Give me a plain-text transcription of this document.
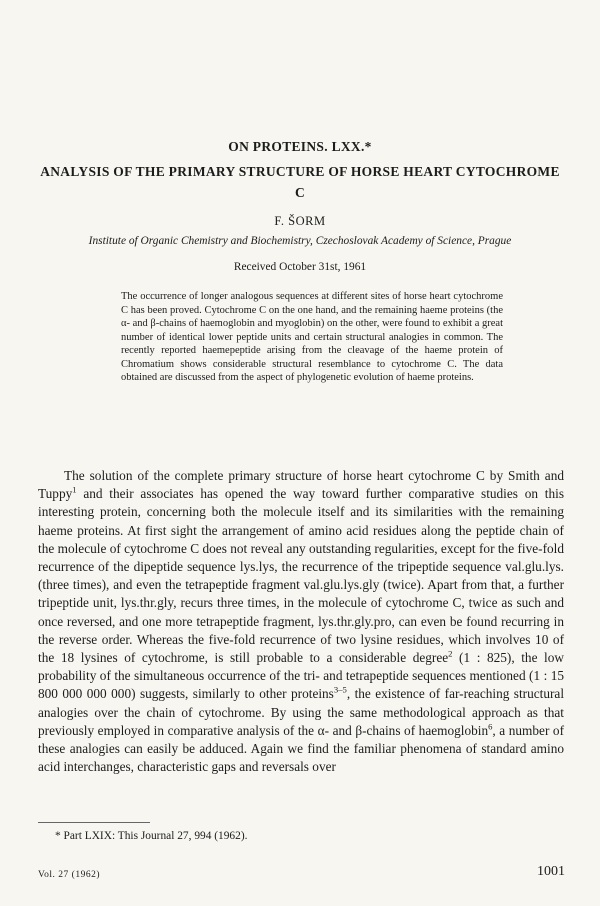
ON PROTEINS. LXX.*
ANALYSIS OF THE PRIMARY STRUCTURE OF HORSE HEART CYTOCHROME C
F. ŠORM
Institute of Organic Chemistry and Biochemistry, Czechoslovak Academy of Science, Prague
Received October 31st, 1961
The occurrence of longer analogous sequences at different sites of horse heart cytochrome C has been proved. Cytochrome C on the one hand, and the remaining haeme proteins (the α- and β-chains of haemoglobin and myoglobin) on the other, were found to exhibit a great number of identical lower peptide units and certain structural analogies in common. The recently reported haemepeptide arising from the cleavage of the haeme protein of Chromatium shows considerable structural resemblance to cytochrome C. The data obtained are discussed from the aspect of phylogenetic evolution of haeme proteins.

The solution of the complete primary structure of horse heart cytochrome C by Smith and Tuppy$^1$ and their associates has opened the way toward further comparative studies on this interesting protein, concerning both the molecule itself and its similarities with the remaining haeme proteins. At first sight the arrangement of amino acid residues along the peptide chain of the molecule of cytochrome C does not reveal any outstanding regularities, except for the five-fold recurrence of the dipeptide sequence lys.lys, the recurrence of the tripeptide sequence val.glu.lys. (three times), and even the tetrapeptide fragment val.glu.lys.gly (twice). Apart from that, a further tripeptide unit, lys.thr.gly, recurs three times, in the molecule of cytochrome C, twice as such and once reversed, and one more tetrapeptide fragment, lys.thr.gly.pro, can even be found recurring in the reverse order. Whereas the five-fold recurrence of two lysine residues, which involves 10 of the 18 lysines of cytochrome, is still probable to a considerable degree$^2$ (1 : 825), the low probability of the simultaneous occurrence of the tri- and tetrapeptide sequences mentioned (1 : 15 800 000 000 000) suggests, similarly to other proteins$^{3-5}$, the existence of far-reaching structural analogies over the chain of cytochrome. By using the same methodological approach as that previously employed in comparative analysis of the α- and β-chains of haemoglobin$^6$, a number of these analogies can easily be adduced. Again we find the familiar phenomena of standard amino acid interchanges, characteristic gaps and reversals over

* Part LXIX: This Journal 27, 994 (1962).
Vol. 27 (1962)	1001
